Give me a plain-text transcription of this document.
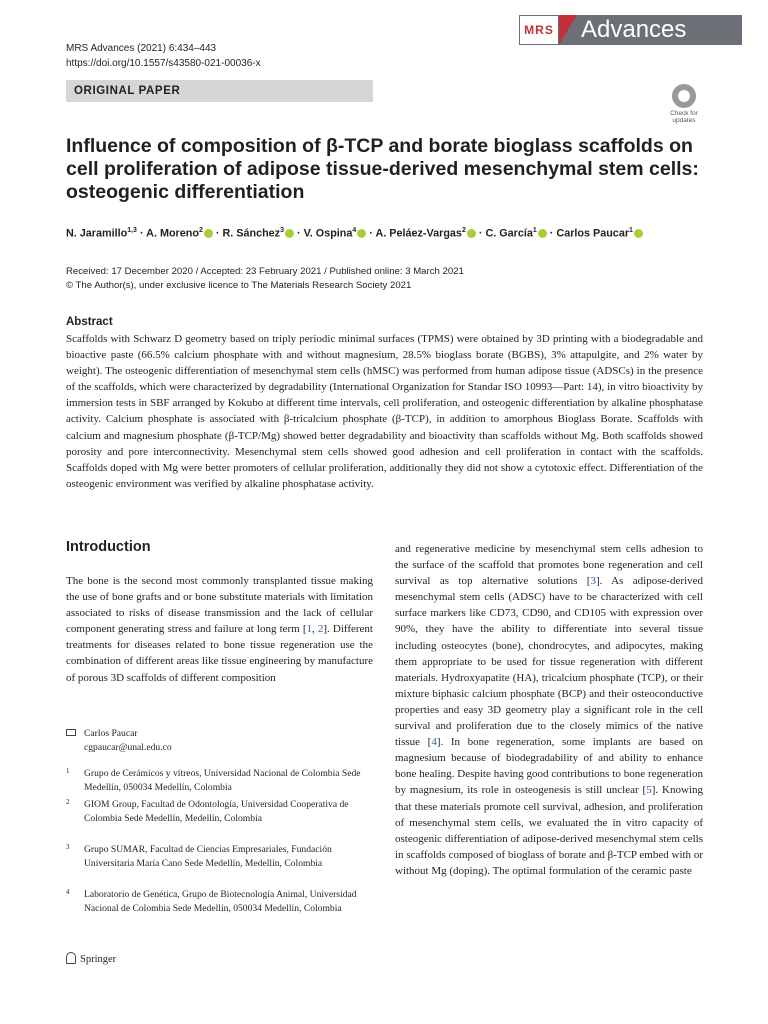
MRS Advances (2021) 6:434–443
https://doi.org/10.1557/s43580-021-00036-x
ORIGINAL PAPER
MRS	Advances
Check for
updates
Influence of composition of β-TCP and borate bioglass scaffolds on cell proliferation of adipose tissue-derived mesenchymal stem cells: osteogenic differentiation
N. Jaramillo$^{1,3}$ · A. Moreno$^2$ · R. Sánchez$^3$ · V. Ospina$^4$ · A. Peláez-Vargas$^2$ · C. García$^1$ · Carlos Paucar$^1$
Received: 17 December 2020 / Accepted: 23 February 2021 / Published online: 3 March 2021
© The Author(s), under exclusive licence to The Materials Research Society 2021
Abstract
Scaffolds with Schwarz D geometry based on triply periodic minimal surfaces (TPMS) were obtained by 3D printing with a biodegradable and bioactive paste (66.5% calcium phosphate with and without magnesium, 28.5% bioglass borate (BGBS), 3% attapulgite, and 2% water by weight). The osteogenic differentiation of mesenchymal stem cells (hMSC) was performed from human adipose tissue (ADSCs) in the presence of the scaffolds, which were characterized by degradability (International Organization for Standar ISO 10993—Part: 14), in vitro bioactivity by immersion tests in SBF arranged by Kokubo at different time intervals, cell proliferation, and osteogenic differentiation by alkaline phosphatase activity. Calcium phosphate is associated with β-tricalcium phosphate (β-TCP), in addition to amorphous Bioglass Borate. Scaffolds with calcium and magnesium phosphate (β-TCP/Mg) showed better degradability and bioactivity than scaffolds without Mg. Both scaffolds showed porosity and pore interconnectivity. Mesenchymal stem cells showed good adhesion and cell proliferation in contact with the scaffolds. Scaffolds doped with Mg were better promoters of cellular proliferation, additionally they did not show a cytotoxic effect. Differentiation of the osteogenic environment was verified by alkaline phosphatase activity.
Introduction
The bone is the second most commonly transplanted tissue making the use of bone grafts and or bone substitute materials with limitation associated to risks of disease transmission and the lack of cellular component generating stress and failure at long term [1, 2]. Different treatments for diseases related to bone tissue regeneration use the combination of different areas like tissue engineering by manufacture of porous 3D scaffolds of different composition
and regenerative medicine by mesenchymal stem cells adhesion to the surface of the scaffold that promotes bone regeneration and cell survival as top alternative solutions [3]. As adipose-derived mesenchymal stem cells (ADSC) have to be characterized with cell surface markers like CD73, CD90, and CD105 with expression over 90%, they have the ability to differentiate into several tissue including osteocytes (bone), chondrocytes, and adipocytes, making them appropriate to be used for tissue regeneration with different materials. Hydroxyapatite (HA), tricalcium phosphate (TCP), or their mixture biphasic calcium phosphate (BCP) and their osteoconductive properties and easy 3D geometry play a significant role in the cell survival and proliferation due to the closely mimics of the native tissue [4]. In bone regeneration, some implants are based on magnesium because of biodegradability of and ability to enhance bone healing. Despite having good contributions to bone regeneration by magnesium, its role in osteogenesis is still unclear [5]. Knowing that these materials promote cell survival, adhesion, and proliferation of mesenchymal stem cells, we evaluated the in vitro capacity of osteogenic differentiation of adipose-derived mesenchymal stem cells in scaffolds composed of bioglass of borate and β-TCP embed with or without Mg (doping). The optimal formulation of the ceramic paste
Carlos Paucar
cgpaucar@unal.edu.co
1 Grupo de Cerámicos y vítreos, Universidad Nacional de Colombia Sede Medellín, 050034 Medellín, Colombia
2 GIOM Group, Facultad de Odontología, Universidad Cooperativa de Colombia Sede Medellín, Medellín, Colombia
3 Grupo SUMAR, Facultad de Ciencias Empresariales, Fundación Universitaria María Cano Sede Medellín, Medellín, Colombia
4 Laboratorio de Genética, Grupo de Biotecnología Animal, Universidad Nacional de Colombia Sede Medellín, 050034 Medellín, Colombia
Springer
